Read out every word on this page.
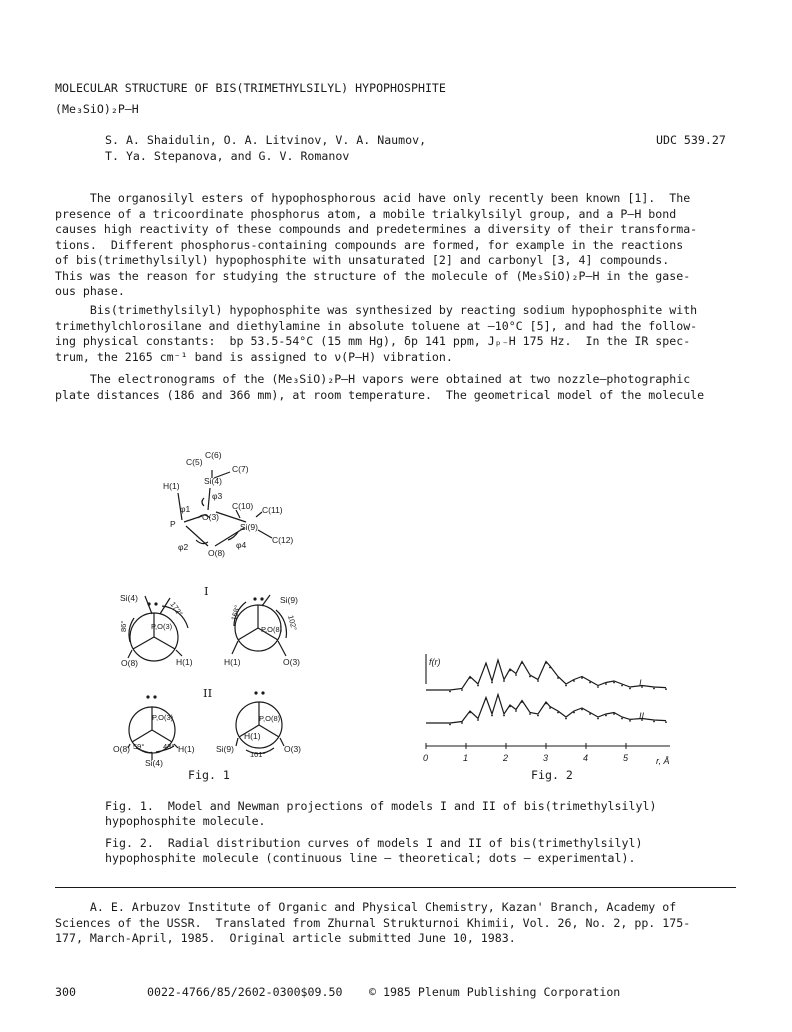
MOLECULAR STRUCTURE OF BIS(TRIMETHYLSILYL) HYPOPHOSPHITE
(Me₃SiO)₂P—H
S. A. Shaidulin, O. A. Litvinov, V. A. Naumov,
T. Ya. Stepanova, and G. V. Romanov
UDC 539.27
The organosilyl esters of hypophosphorous acid have only recently been known [1].  The
presence of a tricoordinate phosphorus atom, a mobile trialkylsilyl group, and a P—H bond
causes high reactivity of these compounds and predetermines a diversity of their transforma-
tions.  Different phosphorus-containing compounds are formed, for example in the reactions
of bis(trimethylsilyl) hypophosphite with unsaturated [2] and carbonyl [3, 4] compounds.
This was the reason for studying the structure of the molecule of (Me₃SiO)₂P—H in the gase-
ous phase.
Bis(trimethylsilyl) hypophosphite was synthesized by reacting sodium hypophosphite with
trimethylchlorosilane and diethylamine in absolute toluene at —10°C [5], and had the follow-
ing physical constants:  bp 53.5-54°C (15 mm Hg), δp 141 ppm, Jₚ₋H 175 Hz.  In the IR spec-
trum, the 2165 cm⁻¹ band is assigned to ν(P—H) vibration.
The electronograms of the (Me₃SiO)₂P—H vapors were obtained at two nozzle—photographic
plate distances (186 and 366 mm), at room temperature.  The geometrical model of the molecule
C(6)
C(5)
C(7)
H(1)	Si(4)
φ3
φ1
O(3)
C(10) C(11)
P	Si(9)
C(12)
φ2	φ4
O(8)
Si(4)
172°
86°	P,O(3)
O(8)	H(1)
Si(9)
158°
102°
P,O(8)
H(1)	O(3)
P,O(3)
O(8) 59° 43° H(1)
Si(4)
P,O(8)
H(1)
Si(9)
101°
O(3)
I
II
Fig. 1
f(r)
0	1	2	3	4	5	r, Å
I
II
Fig. 2
Fig. 1.  Model and Newman projections of models I and II of bis(trimethylsilyl)
hypophosphite molecule.
Fig. 2.  Radial distribution curves of models I and II of bis(trimethylsilyl)
hypophosphite molecule (continuous line — theoretical; dots — experimental).
A. E. Arbuzov Institute of Organic and Physical Chemistry, Kazan' Branch, Academy of
Sciences of the USSR.  Translated from Zhurnal Strukturnoi Khimii, Vol. 26, No. 2, pp. 175-
177, March-April, 1985.  Original article submitted June 10, 1983.
300	0022-4766/85/2602-0300$09.50 © 1985 Plenum Publishing Corporation
